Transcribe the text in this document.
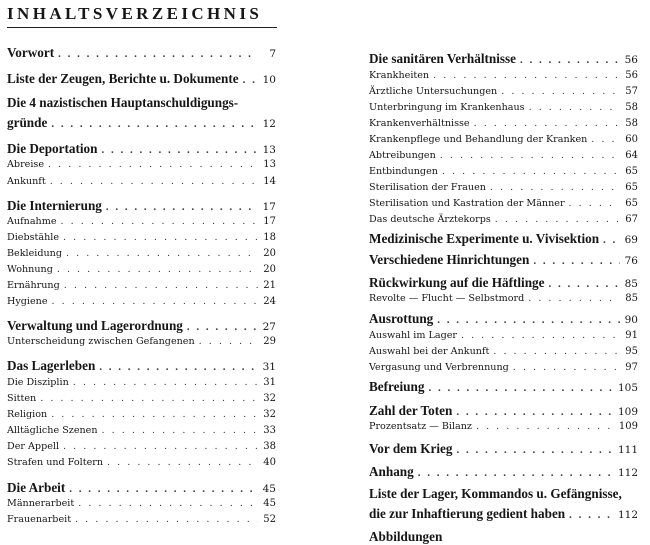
INHALTSVERZEICHNIS
Vorwort . . .	7
Liste der Zeugen, Berichte u. Dokumente . . . 10
Die 4 nazistischen Hauptanschuldigungs-
gründe . . .	12
Die Deportation . . .	13
Abreise . . .	13
Ankunft . . .	14
Die Internierung . . .	17
Aufnahme . . .	17
Diebstähle . . .	18
Bekleidung . . .	20
Wohnung . . .	20
Ernährung . . .	21
Hygiene . . .	24
Verwaltung und Lagerordnung . . .	27
Unterscheidung zwischen Gefangenen . . .	29
Das Lagerleben . . .	31
Die Disziplin . . .	31
Sitten . . .	32
Religion . . .	32
Alltägliche Szenen . . .	33
Der Appell . . .	38
Strafen und Foltern . . .	40
Die Arbeit . . .	45
Männerarbeit . . .	45
Frauenarbeit . . .	52
Die sanitären Verhältnisse . . .	56
Krankheiten . . .	56
Ärztliche Untersuchungen . . .	57
Unterbringung im Krankenhaus . . .	58
Krankenverhältnisse . . .	58
Krankenpflege und Behandlung der Kranken . . .	60
Abtreibungen . . .	64
Entbindungen . . .	65
Sterilisation der Frauen . . .	65
Sterilisation und Kastration der Männer . . .	65
Das deutsche Ärztekorps . . .	67
Medizinische Experimente u. Vivisektion . . . 69
Verschiedene Hinrichtungen . . .	76
Rückwirkung auf die Häftlinge . . .	85
Revolte — Flucht — Selbstmord . . .	85
Ausrottung . . .	90
Auswahl im Lager . . .	91
Auswahl bei der Ankunft . . .	95
Vergasung und Verbrennung . . .	97
Befreiung . . .	105
Zahl der Toten . . .	109
Prozentsatz — Bilanz . . .	109
Vor dem Krieg . . .	111
Anhang . . .	112
Liste der Lager, Kommandos u. Gefängnisse,
die zur Inhaftierung gedient haben . . .	112
Abbildungen
